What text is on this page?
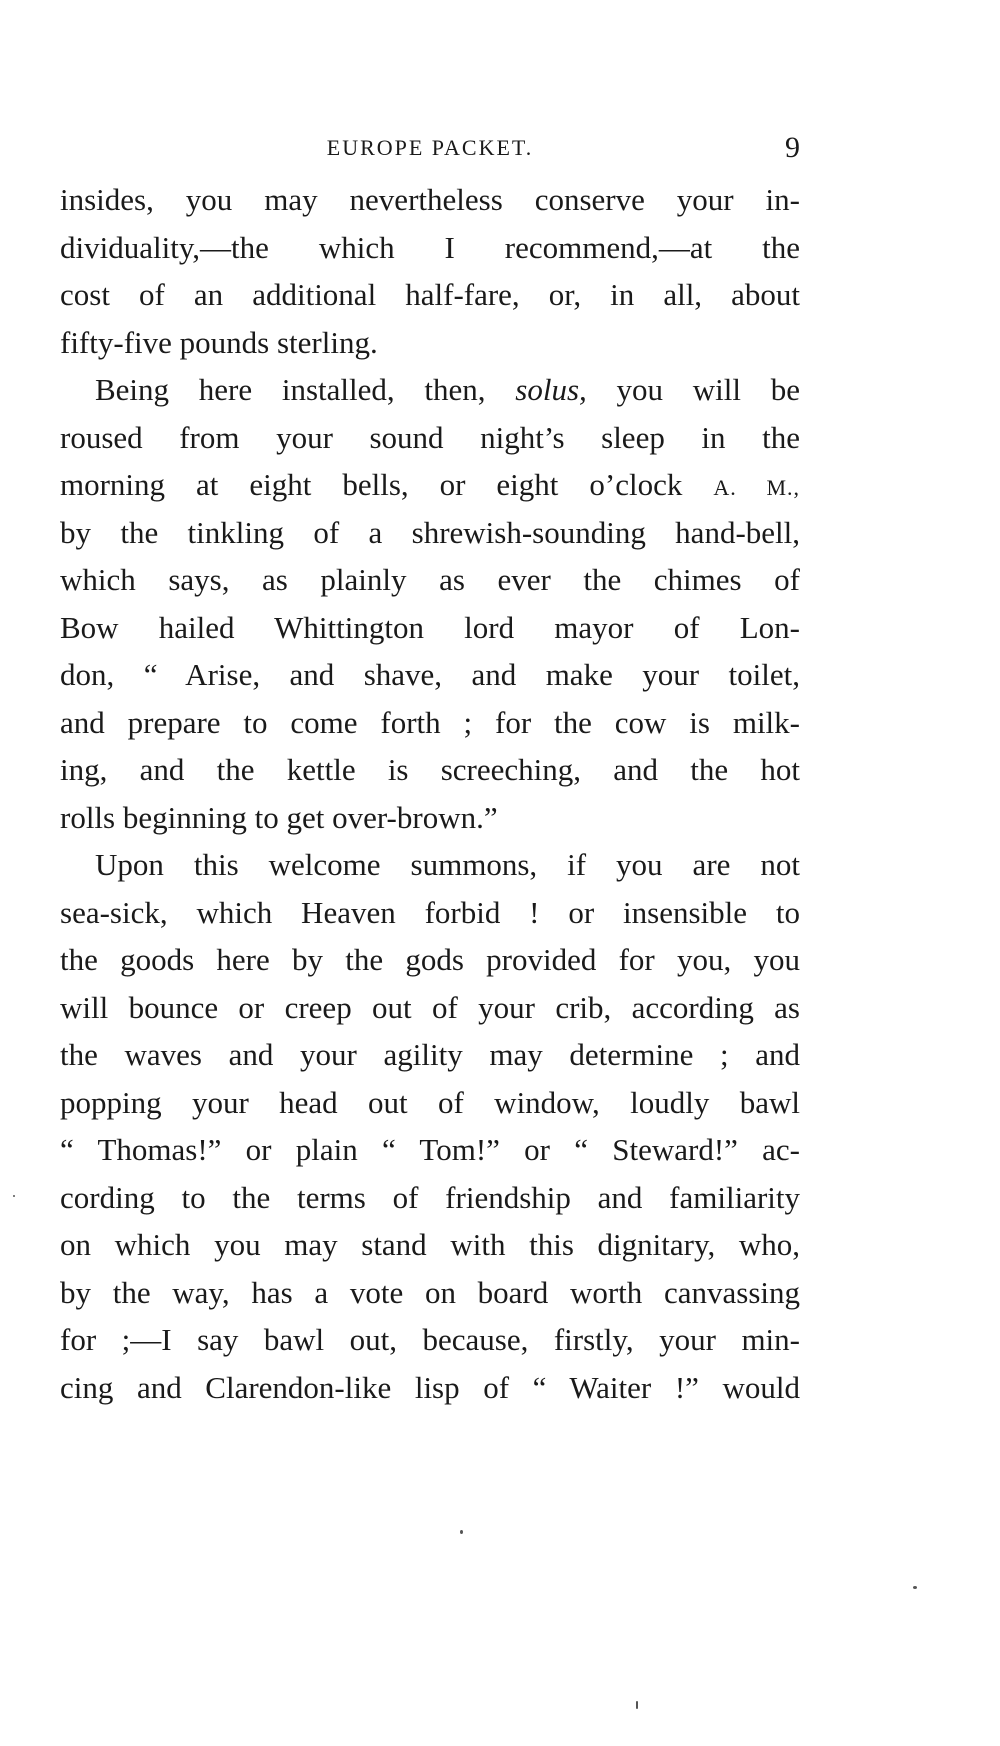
EUROPE PACKET.	9
insides, you may nevertheless conserve your in-
dividuality,—the which I recommend,—at the
cost of an additional half-fare, or, in all, about
fifty-five pounds sterling.
Being here installed, then, solus, you will be
roused from your sound night’s sleep in the
morning at eight bells, or eight o’clock A. M.,
by the tinkling of a shrewish-sounding hand-bell,
which says, as plainly as ever the chimes of
Bow hailed Whittington lord mayor of Lon-
don, “ Arise, and shave, and make your toilet,
and prepare to come forth ; for the cow is milk-
ing, and the kettle is screeching, and the hot
rolls beginning to get over-brown.”
Upon this welcome summons, if you are not
sea-sick, which Heaven forbid ! or insensible to
the goods here by the gods provided for you, you
will bounce or creep out of your crib, according as
the waves and your agility may determine ; and
popping your head out of window, loudly bawl
“ Thomas!” or plain “ Tom!” or “ Steward!” ac-
cording to the terms of friendship and familiarity
on which you may stand with this dignitary, who,
by the way, has a vote on board worth canvassing
for ;—I say bawl out, because, firstly, your min-
cing and Clarendon-like lisp of “ Waiter !” would
